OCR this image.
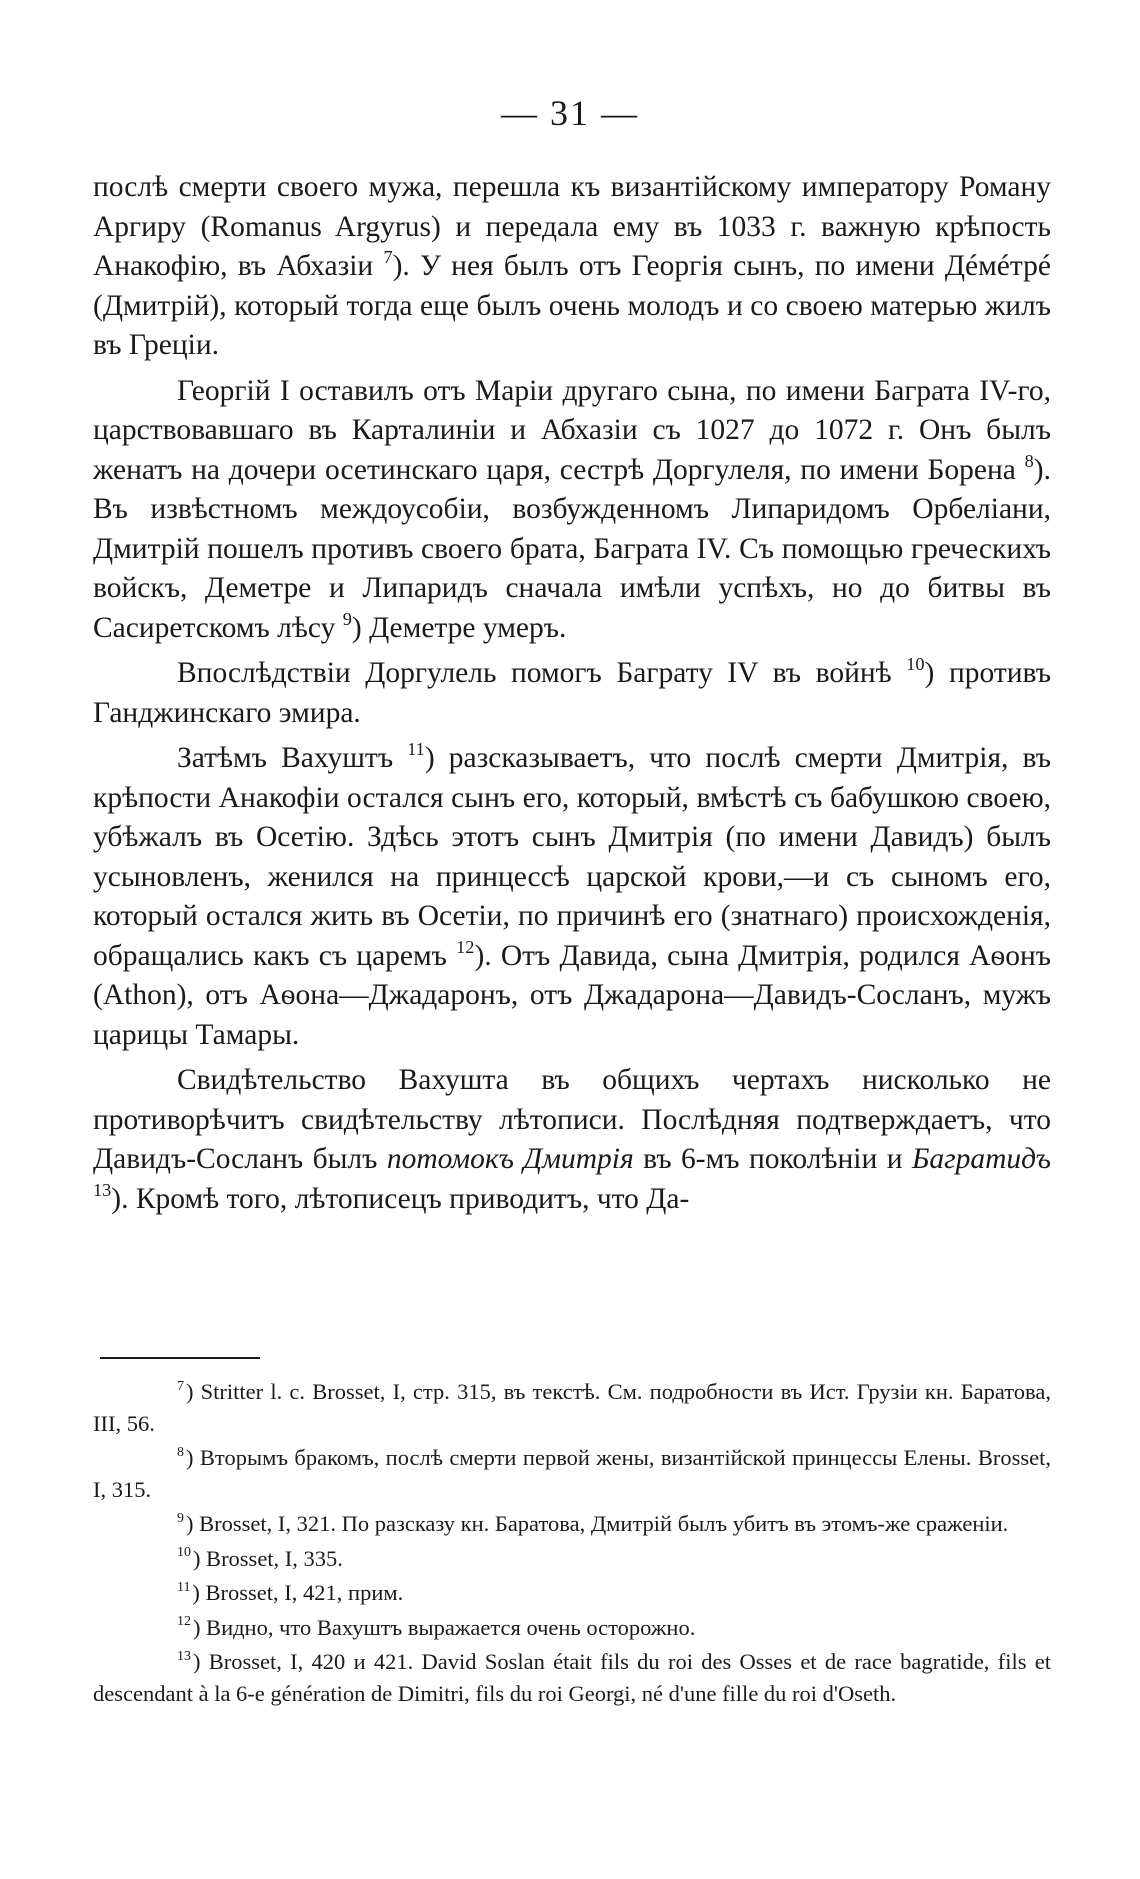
— 31 —

послѣ смерти своего мужа, перешла къ византійскому императору Роману Аргиру (Romanus Argyrus) и передала ему въ 1033 г. важную крѣпость Анакофію, въ Абхазіи $^7$). У нея былъ отъ Георгія сынъ, по имени Дéмéтрé (Дмитрій), который тогда еще былъ очень молодъ и со своею матерью жилъ въ Греціи.

Георгій I оставилъ отъ Маріи другаго сына, по имени Баграта IV-го, царствовавшаго въ Карталиніи и Абхазіи съ 1027 до 1072 г. Онъ былъ женатъ на дочери осетинскаго царя, сестрѣ Доргулеля, по имени Борена $^8$). Въ извѣстномъ междоусобіи, возбужденномъ Липаридомъ Орбеліани, Дмитрій пошелъ противъ своего брата, Баграта IV. Съ помощью греческихъ войскъ, Деметре и Липаридъ сначала имѣли успѣхъ, но до битвы въ Сасиретскомъ лѣсу $^9$) Деметре умеръ.

Впослѣдствіи Доргулель помогъ Баграту IV въ войнѣ $^{10}$) противъ Ганджинскаго эмира.

Затѣмъ Вахуштъ $^{11}$) разсказываетъ, что послѣ смерти Дмитрія, въ крѣпости Анакофіи остался сынъ его, который, вмѣстѣ съ бабушкою своею, убѣжалъ въ Осетію. Здѣсь этотъ сынъ Дмитрія (по имени Давидъ) былъ усыновленъ, женился на принцессѣ царской крови,—и съ сыномъ его, который остался жить въ Осетіи, по причинѣ его (знатнаго) происхожденія, обращались какъ съ царемъ $^{12}$). Отъ Давида, сына Дмитрія, родился Аѳонъ (Athon), отъ Аѳона—Джадаронъ, отъ Джадарона—Давидъ-Сосланъ, мужъ царицы Тамары.

Свидѣтельство Вахушта въ общихъ чертахъ нисколько не противорѣчитъ свидѣтельству лѣтописи. Послѣдняя подтверждаетъ, что Давидъ-Сосланъ былъ потомокъ Дмитрія въ 6-мъ поколѣніи и Багратидъ $^{13}$). Кромѣ того, лѣтописецъ приводитъ, что Да-

$^7$) Stritter l. c. Brosset, I, стр. 315, въ текстѣ. См. подробности въ Ист. Грузіи кн. Баратова, III, 56.

$^8$) Вторымъ бракомъ, послѣ смерти первой жены, византійской принцессы Елены. Brosset, I, 315.

$^9$) Brosset, I, 321. По разсказу кн. Баратова, Дмитрій былъ убитъ въ этомъ-же сраженіи.

$^{10}$) Brosset, I, 335.

$^{11}$) Brosset, I, 421, прим.

$^{12}$) Видно, что Вахуштъ выражается очень осторожно.

$^{13}$) Brosset, I, 420 и 421. David Soslan était fils du roi des Osses et de race bagratide, fils et descendant à la 6-e génération de Dimitri, fils du roi Georgi, né d'une fille du roi d'Oseth.
